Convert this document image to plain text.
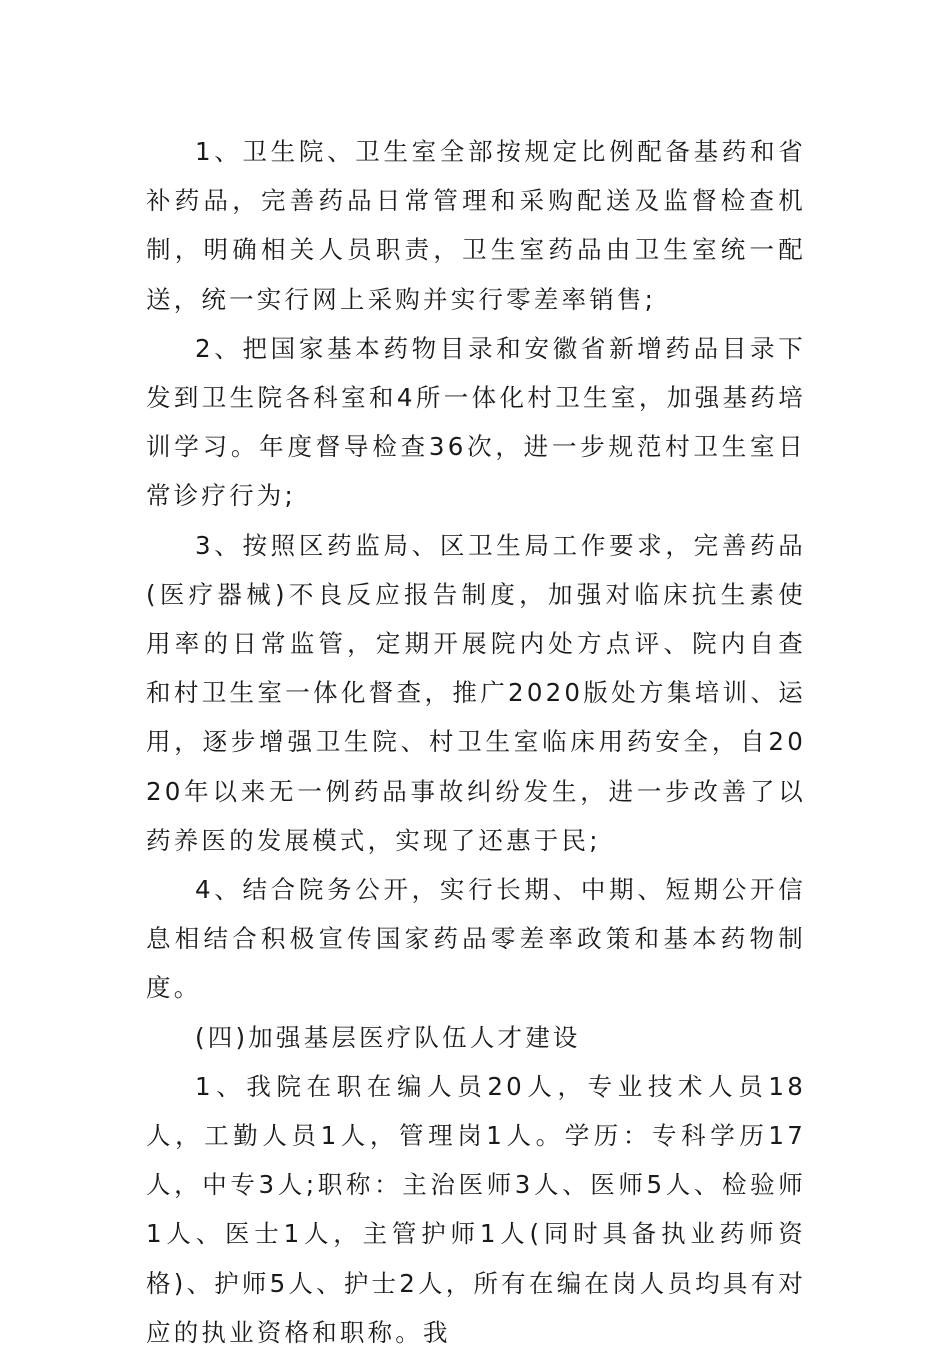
1、卫生院、卫生室全部按规定比例配备基药和省补药品，完善药品日常管理和采购配送及监督检查机制，明确相关人员职责，卫生室药品由卫生室统一配送，统一实行网上采购并实行零差率销售;

2、把国家基本药物目录和安徽省新增药品目录下发到卫生院各科室和4所一体化村卫生室，加强基药培训学习。年度督导检查36次，进一步规范村卫生室日常诊疗行为;

3、按照区药监局、区卫生局工作要求，完善药品(医疗器械)不良反应报告制度，加强对临床抗生素使用率的日常监管，定期开展院内处方点评、院内自查和村卫生室一体化督查，推广2020版处方集培训、运用，逐步增强卫生院、村卫生室临床用药安全，自2020年以来无一例药品事故纠纷发生，进一步改善了以药养医的发展模式，实现了还惠于民;

4、结合院务公开，实行长期、中期、短期公开信息相结合积极宣传国家药品零差率政策和基本药物制度。

(四)加强基层医疗队伍人才建设

1、我院在职在编人员20人，专业技术人员18人，工勤人员1人，管理岗1人。学历：专科学历17人，中专3人;职称：主治医师3人、医师5人、检验师1人、医士1人，主管护师1人(同时具备执业药师资格)、护师5人、护士2人，所有在编在岗人员均具有对应的执业资格和职称。我
